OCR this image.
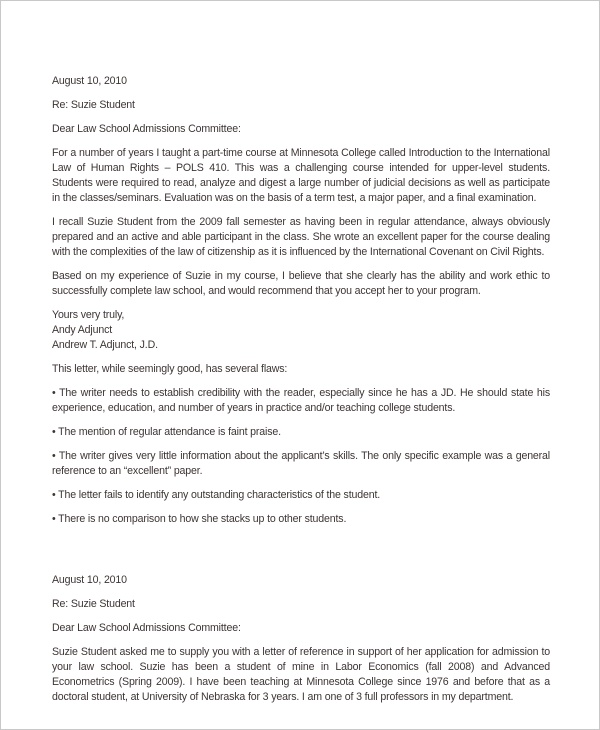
August 10, 2010

Re: Suzie Student

Dear Law School Admissions Committee:

For a number of years I taught a part-time course at Minnesota College called Introduction to the International Law of Human Rights – POLS 410. This was a challenging course intended for upper-level students. Students were required to read, analyze and digest a large number of judicial decisions as well as participate in the classes/seminars. Evaluation was on the basis of a term test, a major paper, and a final examination.

I recall Suzie Student from the 2009 fall semester as having been in regular attendance, always obviously prepared and an active and able participant in the class. She wrote an excellent paper for the course dealing with the complexities of the law of citizenship as it is influenced by the International Covenant on Civil Rights.

Based on my experience of Suzie in my course, I believe that she clearly has the ability and work ethic to successfully complete law school, and would recommend that you accept her to your program.

Yours very truly,

Andy Adjunct

Andrew T. Adjunct, J.D.

This letter, while seemingly good, has several flaws:

• The writer needs to establish credibility with the reader, especially since he has a JD. He should state his experience, education, and number of years in practice and/or teaching college students.

• The mention of regular attendance is faint praise.

• The writer gives very little information about the applicant’s skills. The only specific example was a general reference to an “excellent” paper.

• The letter fails to identify any outstanding characteristics of the student.

• There is no comparison to how she stacks up to other students.

August 10, 2010

Re: Suzie Student

Dear Law School Admissions Committee:

Suzie Student asked me to supply you with a letter of reference in support of her application for admission to your law school. Suzie has been a student of mine in Labor Economics (fall 2008) and Advanced Econometrics (Spring 2009). I have been teaching at Minnesota College since 1976 and before that as a doctoral student, at University of Nebraska for 3 years. I am one of 3 full professors in my department.
